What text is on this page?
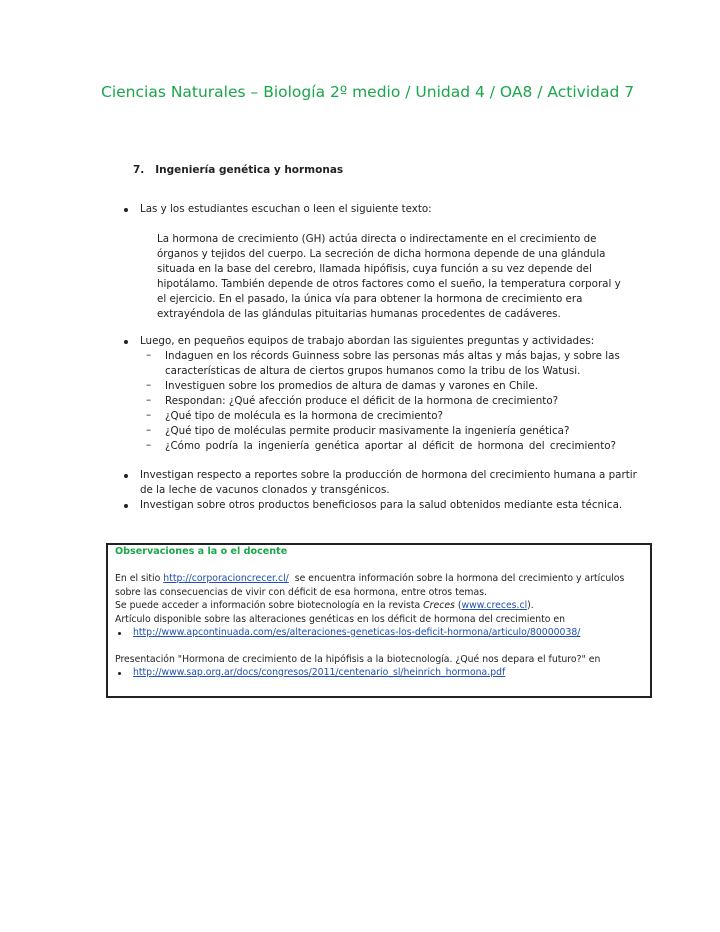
Ciencias Naturales – Biología 2º medio / Unidad 4 / OA8 / Actividad 7
7. Ingeniería genética y hormonas
Las y los estudiantes escuchan o leen el siguiente texto:
La hormona de crecimiento (GH) actúa directa o indirectamente en el crecimiento de
órganos y tejidos del cuerpo. La secreción de dicha hormona depende de una glándula
situada en la base del cerebro, llamada hipófisis, cuya función a su vez depende del
hipotálamo. También depende de otros factores como el sueño, la temperatura corporal y
el ejercicio. En el pasado, la única vía para obtener la hormona de crecimiento era
extrayéndola de las glándulas pituitarias humanas procedentes de cadáveres.
Luego, en pequeños equipos de trabajo abordan las siguientes preguntas y actividades:
– Indaguen en los récords Guinness sobre las personas más altas y más bajas, y sobre las
características de altura de ciertos grupos humanos como la tribu de los Watusi.
– Investiguen sobre los promedios de altura de damas y varones en Chile.
– Respondan: ¿Qué afección produce el déficit de la hormona de crecimiento?
– ¿Qué tipo de molécula es la hormona de crecimiento?
– ¿Qué tipo de moléculas permite producir masivamente la ingeniería genética?
– ¿Cómo podría la ingeniería genética aportar al déficit de hormona del crecimiento?
Investigan respecto a reportes sobre la producción de hormona del crecimiento humana a partir
de la leche de vacunos clonados y transgénicos.
Investigan sobre otros productos beneficiosos para la salud obtenidos mediante esta técnica.
Observaciones a la o el docente
En el sitio http://corporacioncrecer.cl/  se encuentra información sobre la hormona del crecimiento y artículos
sobre las consecuencias de vivir con déficit de esa hormona, entre otros temas.
Se puede acceder a información sobre biotecnología en la revista Creces (www.creces.cl).
Artículo disponible sobre las alteraciones genéticas en los déficit de hormona del crecimiento en
http://www.apcontinuada.com/es/alteraciones-geneticas-los-deficit-hormona/articulo/80000038/
Presentación "Hormona de crecimiento de la hipófisis a la biotecnología. ¿Qué nos depara el futuro?" en
http://www.sap.org.ar/docs/congresos/2011/centenario_sl/heinrich_hormona.pdf
